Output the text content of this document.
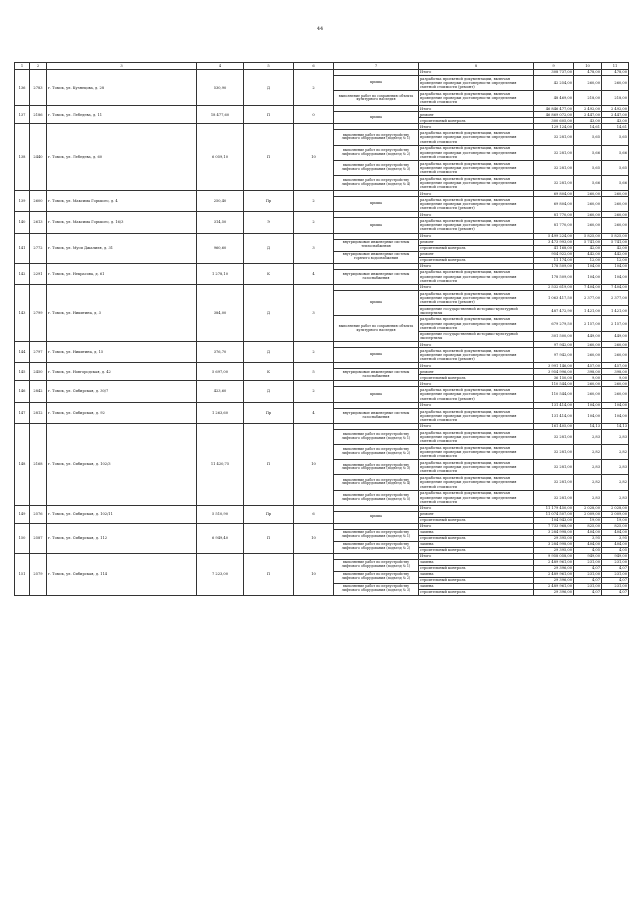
44
1	2	3	4	5	6	7	8	9	10	11
136	2783	г. Томск, ул. Кузнецова, д. 28	530,90	Д	2		Итого	308 737,00	478,00	478,00
						крыша	разработка проектной документации, включая проведение проверки достоверности определения сметной стоимости (ремонт)	42 254,00	260,00	260,00
						выполнение работ по сохранению объекта культурного наследия	разработка проектной документации, включая проведение проверки достоверности определения сметной стоимости	48 469,00	218,00	218,00
137	2186	г. Томск, ул. Лебедева, д. 11	18 477,60	П	0		Итого	46 846 477,00	2 492,00	2 492,00
						крыша	ремонт	46 869 072,00	2 447,00	2 447,00
							строительный контроль	300 605,00	43,00	43,00
138	2440	г. Томск, ул. Лебедева, д. 60	6 059,10	П	10		Итого	129 124,00	14,61	14,61
						выполнение работ по переустройству лифтового оборудования (подъезд № 1)	разработка проектной документации, включая проведение проверки достоверности определения сметной стоимости	32 281,00	5,65	5,65
						выполнение работ по переустройству лифтового оборудования (подъезд № 2)	разработка проектной документации, включая проведение проверки достоверности определения сметной стоимости	32 281,00	5,66	5,66
						выполнение работ по переустройству лифтового оборудования (подъезд № 3)	разработка проектной документации, включая проведение проверки достоверности определения сметной стоимости	32 281,00	5,65	5,65
						выполнение работ по переустройству лифтового оборудования (подъезд № 4)	разработка проектной документации, включая проведение проверки достоверности определения сметной стоимости	32 281,00	5,66	5,66
139	2600	г. Томск, ул. Максима Горького, д. 4	250,40	Пр	2		Итого	69 804,00	260,00	260,00
						крыша	разработка проектной документации, включая проведение проверки достоверности определения сметной стоимости (ремонт)	69 804,00	260,00	260,00
140	2613	г. Томск, ул. Максима Горького, д. 16/3	314,50	Э	2		Итого	81 770,00	260,00	260,00
						крыша	разработка проектной документации, включая проведение проверки достоверности определения сметной стоимости (ремонт)	81 770,00	260,00	260,00
141	2772	г. Томск, ул. Муси Джалиля, д. 31	960,60	Д	3		Итого	5 499 224,00	5 825,00	5 825,00
						внутридомовые инженерные системы теплоснабжения	ремонт	3 473 993,00	5 741,00	5 741,00
							строительный контроль	41 168,00	42,00	42,00
						внутридомовые инженерные системы горячего водоснабжения	ремонт	954 922,00	442,00	442,00
							строительный контроль	11 174,00	12,00	12,00
142	2291	г. Томск, ул. Некрасова, д. 61	1 278,10	К	4		Итого	178 509,00	104,00	104,00
						внутридомовые инженерные системы газоснабжения	разработка проектной документации, включая проведение проверки достоверности определения сметной стоимости	178 509,00	104,00	104,00
143	2799	г. Томск, ул. Никитина, д. 3	384,00	Д	3		Итого	2 532 619,00	7 404,00	7 404,00
						крыша	разработка проектной документации, включая проведение проверки достоверности определения сметной стоимости (ремонт)	1 063 417,50	2 377,00	2 377,00
							проведение государственной историко-культурной экспертизы	487 472,90	1 421,00	1 421,00
						выполнение работ по сохранению объекта культурного наследия	разработка проектной документации, включая проведение проверки достоверности определения сметной стоимости	679 279,50	2 157,00	2 157,00
							проведение государственной историко-культурной экспертизы	301 500,00	449,00	449,00
144	2797	г. Томск, ул. Никитина, д. 15	376,70	Д	2		Итого	97 942,00	260,00	260,00
						крыша	разработка проектной документации, включая проведение проверки достоверности определения сметной стоимости (ремонт)	97 942,00	260,00	260,00
145	2450	г. Томск, ул. Новгородская, д. 42	5 697,00	К	5		Итого	3 991 146,00	457,00	457,00
						внутридомовые инженерные системы газоснабжения	ремонт	3 954 996,00	398,00	398,00
							строительный контроль	36 150,00	9,00	9,00
146	2842	г. Томск, ул. Сибирская, д. 30/7	423,60	Д	2		Итого	110 544,00	260,00	260,00
						крыша	разработка проектной документации, включая проведение проверки достоверности определения сметной стоимости (ремонт)	110 544,00	260,00	260,00
147	2812	г. Томск, ул. Сибирская, д. 92	1 263,60	Пр	4		Итого	131 414,00	104,00	104,00
						внутридомовые инженерные системы газоснабжения	разработка проектной документации, включая проведение проверки достоверности определения сметной стоимости	131 414,00	104,00	104,00
148	2168	г. Томск, ул. Сибирская, д. 102/3	11 420,75	П	10		Итого	161 405,00	14,13	14,13
						выполнение работ по переустройству лифтового оборудования (подъезд № 1)	разработка проектной документации, включая проведение проверки достоверности определения сметной стоимости	32 281,00	2,83	2,83
						выполнение работ по переустройству лифтового оборудования (подъезд № 2)	разработка проектной документации, включая проведение проверки достоверности определения сметной стоимости	32 281,00	2,82	2,82
						выполнение работ по переустройству лифтового оборудования (подъезд № 3)	разработка проектной документации, включая проведение проверки достоверности определения сметной стоимости	32 281,00	2,83	2,83
						выполнение работ по переустройству лифтового оборудования (подъезд № 4)	разработка проектной документации, включая проведение проверки достоверности определения сметной стоимости	32 281,00	2,82	2,82
						выполнение работ по переустройству лифтового оборудования (подъезд № 5)	разработка проектной документации, включая проведение проверки достоверности определения сметной стоимости	32 281,00	2,83	2,83
149	2576	г. Томск, ул. Сибирская, д. 102/11	5 510,90	Пр	6		Итого	11 179 450,00	2 028,00	2 028,00
						крыша	ремонт	11 074 507,00	2 009,00	2 009,00
							строительный контроль	104 943,00	19,00	19,00
150	2587	г. Томск, ул. Сибирская, д. 112	6 949,40	П	10		Итого	7 733 968,00	825,00	825,00
						выполнение работ по переустройству лифтового оборудования (подъезд № 1)	замена	3 284 998,00	404,00	404,00
							строительный контроль	29 395,00	3,95	3,95
						выполнение работ по переустройству лифтового оборудования (подъезд № 2)	замена	3 284 998,00	404,00	404,00
							строительный контроль	29 395,00	4,05	4,05
151	2579	г. Томск, ул. Сибирская, д. 114	7 223,00	П	10		Итого	9 958 058,00	949,00	949,00
						выполнение работ по переустройству лифтового оборудования (подъезд № 1)	замена	2 489 961,00	231,00	231,00
							строительный контроль	29 396,00	4,07	4,07
						выполнение работ по переустройству лифтового оборудования (подъезд № 2)	замена	2 489 961,00	231,00	231,00
							строительный контроль	29 396,00	4,07	4,07
						выполнение работ по переустройству лифтового оборудования (подъезд № 3)	замена	2 489 961,00	231,00	231,00
							строительный контроль	29 396,00	4,07	4,07
